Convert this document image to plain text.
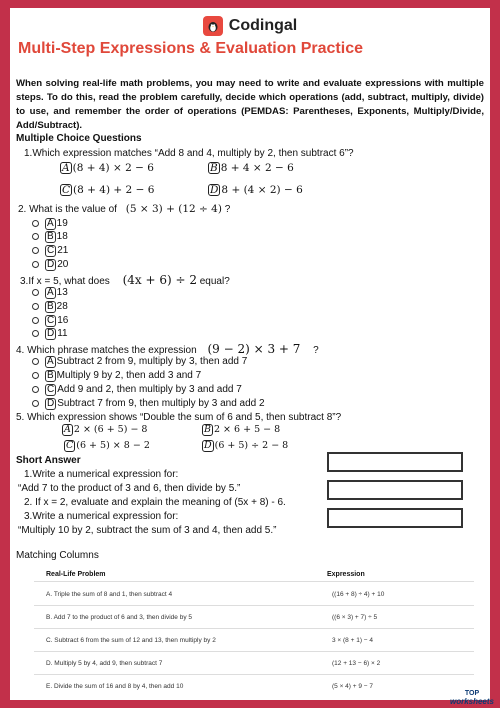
Codingal
Multi-Step Expressions & Evaluation Practice
When solving real-life math problems, you may need to write and evaluate expressions with multiple steps. To do this, read the problem carefully, decide which operations (add, subtract, multiply, divide) to use, and remember the order of operations (PEMDAS: Parentheses, Exponents, Multiply/Divide, Add/Subtract).
Multiple Choice Questions
1.Which expression matches “Add 8 and 4, multiply by 2, then subtract 6”?
A (8 + 4) × 2 − 6	B 8 + 4 × 2 − 6
C (8 + 4) + 2 − 6	D 8 + (4 × 2) − 6
2. What is the value of (5 × 3) + (12 ÷ 4) ?
A 19
B 18
C 21
D 20
3.If x = 5, what does (4x + 6) ÷ 2 equal?
A 13
B 28
C 16
D 11
4. Which phrase matches the expression (9 − 2) × 3 + 7 ?
A Subtract 2 from 9, multiply by 3, then add 7
B Multiply 9 by 2, then add 3 and 7
C Add 9 and 2, then multiply by 3 and add 7
D Subtract 7 from 9, then multiply by 3 and add 2
5. Which expression shows “Double the sum of 6 and 5, then subtract 8”?
A 2 × (6 + 5) − 8	B 2 × 6 + 5 − 8
C (6 + 5) × 8 − 2	D (6 + 5) ÷ 2 − 8
Short Answer
1.Write a numerical expression for:
“Add 7 to the product of 3 and 6, then divide by 5.”
2. If x = 2, evaluate and explain the meaning of (5x + 8) - 6.
3.Write a numerical expression for:
“Multiply 10 by 2, subtract the sum of 3 and 4, then add 5.”
Matching Columns
Real-Life Problem	Expression
A. Triple the sum of 8 and 1, then subtract 4	((16 + 8) ÷ 4) + 10
B. Add 7 to the product of 6 and 3, then divide by 5	((6 × 3) + 7) ÷ 5
C. Subtract 6 from the sum of 12 and 13, then multiply by 2	3 × (8 + 1) − 4
D. Multiply 5 by 4, add 9, then subtract 7	(12 + 13 − 6) × 2
E. Divide the sum of 16 and 8 by 4, then add 10	(5 × 4) + 9 − 7
TOP
worksheets
